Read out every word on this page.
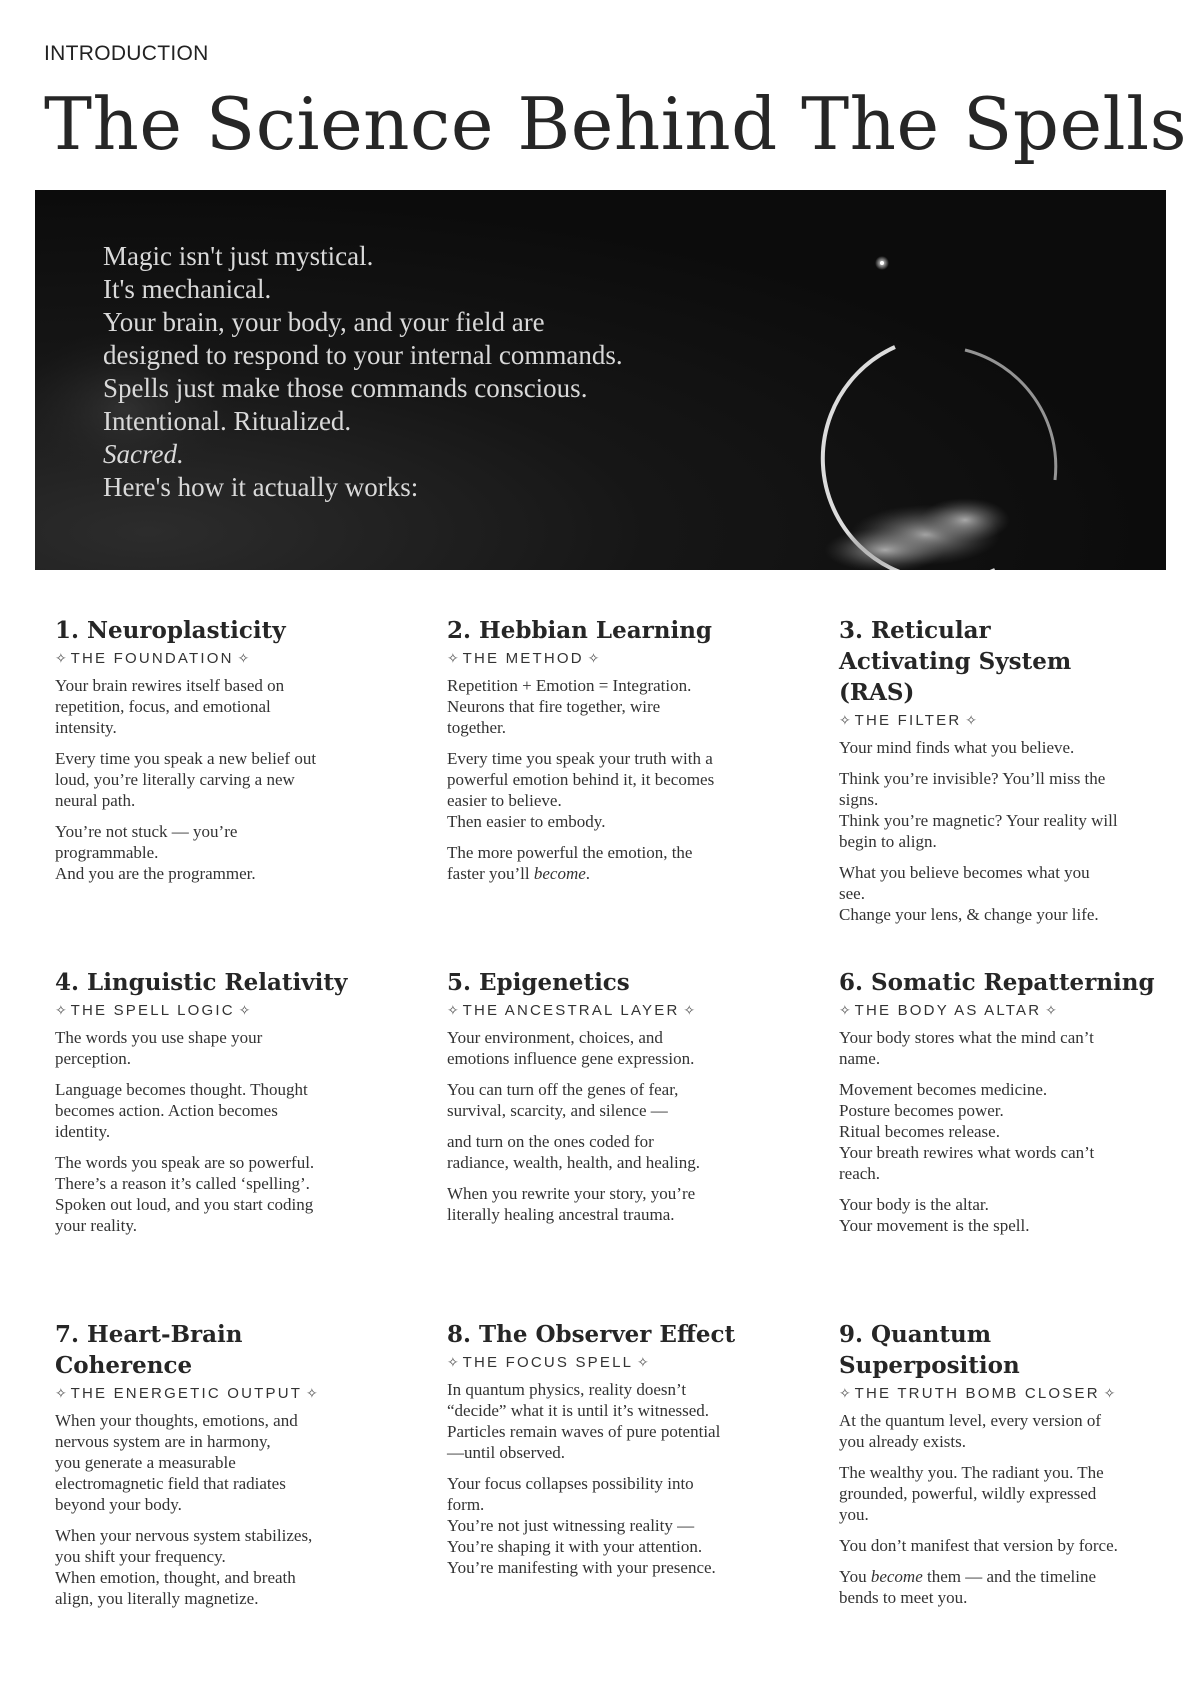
INTRODUCTION
The Science Behind The Spells
Magic isn't just mystical.
It's mechanical.
Your brain, your body, and your field are
designed to respond to your internal commands.
Spells just make those commands conscious.
Intentional. Ritualized.
Sacred.
Here's how it actually works:
1. Neuroplasticity
✧ THE FOUNDATION ✧

Your brain rewires itself based on
repetition, focus, and emotional
intensity.

Every time you speak a new belief out
loud, you’re literally carving a new
neural path.

You’re not stuck — you’re
programmable.
And you are the programmer.

2. Hebbian Learning
✧ THE METHOD ✧

Repetition + Emotion = Integration.
Neurons that fire together, wire
together.

Every time you speak your truth with a
powerful emotion behind it, it becomes
easier to believe.
Then easier to embody.

The more powerful the emotion, the
faster you’ll become.

3. Reticular Activating System (RAS)
✧ THE FILTER ✧

Your mind finds what you believe.

Think you’re invisible? You’ll miss the
signs.
Think you’re magnetic? Your reality will
begin to align.

What you believe becomes what you
see.
Change your lens, & change your life.

4. Linguistic Relativity
✧ THE SPELL LOGIC ✧

The words you use shape your
perception.

Language becomes thought. Thought
becomes action. Action becomes
identity.

The words you speak are so powerful.
There’s a reason it’s called ‘spelling’.
Spoken out loud, and you start coding
your reality.

5. Epigenetics
✧ THE ANCESTRAL LAYER ✧

Your environment, choices, and
emotions influence gene expression.

You can turn off the genes of fear,
survival, scarcity, and silence —

and turn on the ones coded for
radiance, wealth, health, and healing.

When you rewrite your story, you’re
literally healing ancestral trauma.

6. Somatic Repatterning
✧ THE BODY AS ALTAR ✧

Your body stores what the mind can’t
name.

Movement becomes medicine.
Posture becomes power.
Ritual becomes release.
Your breath rewires what words can’t
reach.

Your body is the altar.
Your movement is the spell.

7. Heart-Brain Coherence
✧ THE ENERGETIC OUTPUT ✧

When your thoughts, emotions, and
nervous system are in harmony,
you generate a measurable
electromagnetic field that radiates
beyond your body.

When your nervous system stabilizes,
you shift your frequency.
When emotion, thought, and breath
align, you literally magnetize.

8. The Observer Effect
✧ THE FOCUS SPELL ✧

In quantum physics, reality doesn’t
“decide” what it is until it’s witnessed.
Particles remain waves of pure potential
—until observed.

Your focus collapses possibility into
form.
You’re not just witnessing reality —
You’re shaping it with your attention.
You’re manifesting with your presence.

9. Quantum Superposition
✧ THE TRUTH BOMB CLOSER ✧

At the quantum level, every version of
you already exists.

The wealthy you. The radiant you. The
grounded, powerful, wildly expressed
you.

You don’t manifest that version by force.

You become them — and the timeline
bends to meet you.
